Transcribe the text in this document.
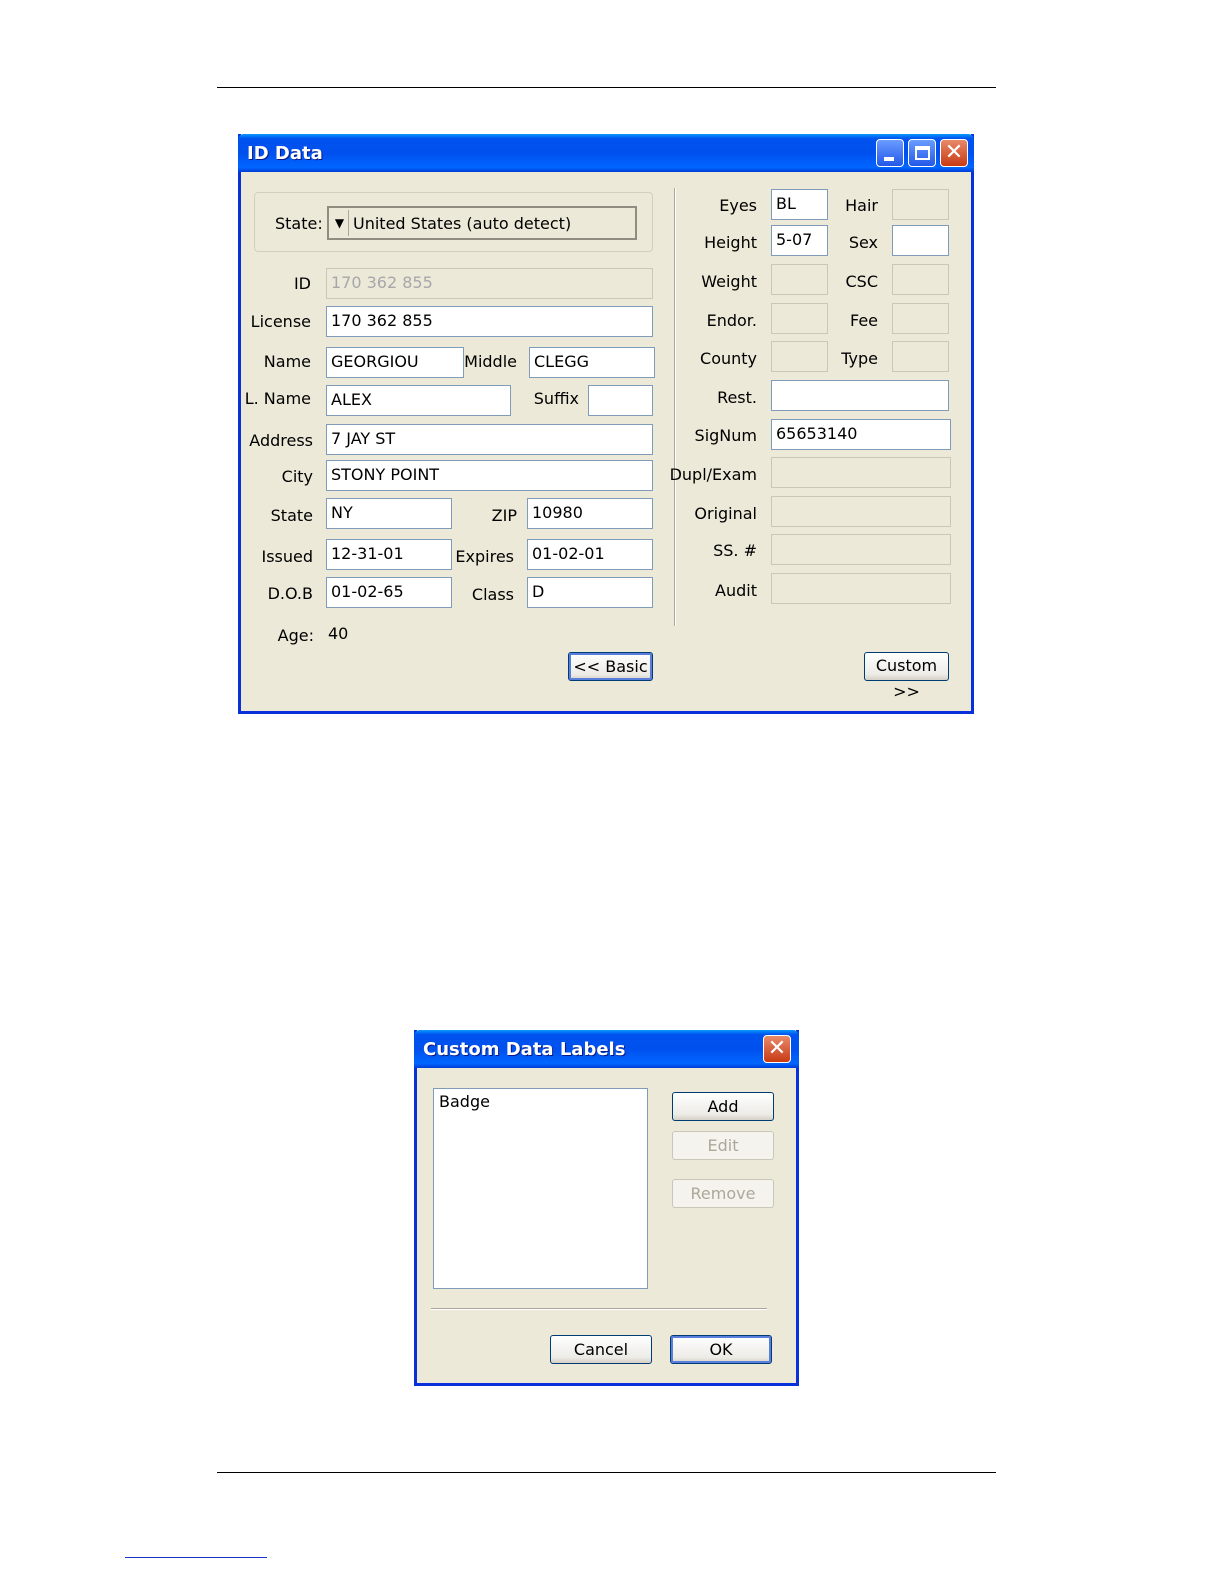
ID Data	✕
State:	▼ United States (auto detect)
ID	170 362 855
License	170 362 855
Name	GEORGIOU	Middle	CLEGG
L. Name	ALEX	Suffix
Address	7 JAY ST
City	STONY POINT
State	NY	ZIP 10980
Issued	12-31-01	Expires	01-02-01
D.O.B	01-02-65	Class	D
Age: 40
Eyes	BL	Hair
Height	5-07	Sex
Weight	CSC
Endor.	Fee
County	Type
Rest.
SigNum	65653140
Dupl/Exam
Original
SS. #
Audit
<< Basic	Custom >>
Custom Data Labels	✕
Badge	Add
Edit
Remove
Cancel	OK
